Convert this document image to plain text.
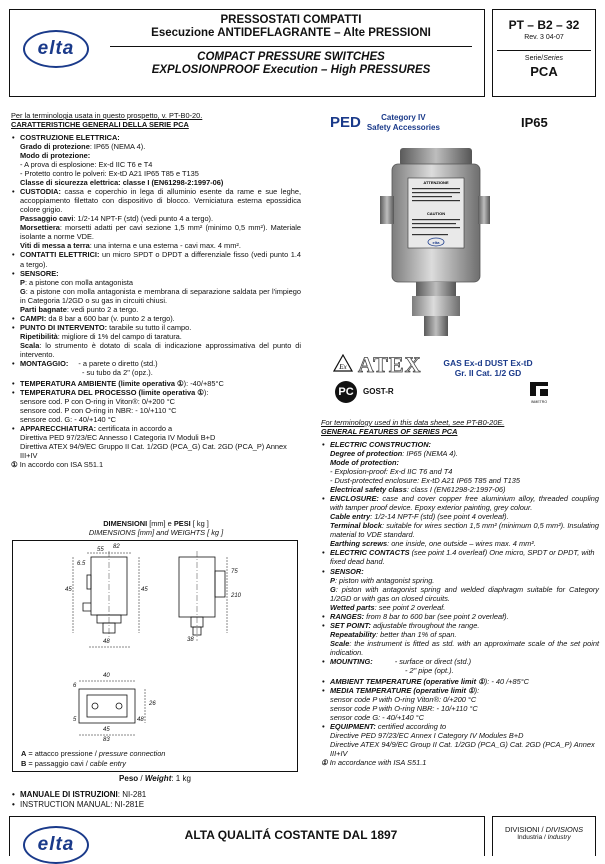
elta
PRESSOSTATI COMPATTI
Esecuzione ANTIDEFLAGRANTE – Alte PRESSIONI
COMPACT PRESSURE SWITCHES
EXPLOSIONPROOF Execution – High PRESSURES
PT – B2 – 32
Rev. 3 04-07
Serie/Series
PCA

Per la terminologia usata in questo prospetto, v. PT-B0-20.

CARATTERISTICHE GENERALI DELLA SERIE PCA

• COSTRUZIONE ELETTRICA:
Grado di protezione: IP65 (NEMA 4).
Modo di protezione:
- A prova di esplosione: Ex-d IIC T6 e T4
- Protetto contro le polveri: Ex-tD A21 IP65 T85 e T135
Classe di sicurezza elettrica: classe I (EN61298-2:1997-06)
• CUSTODIA: cassa e coperchio in lega di alluminio esente da rame e sue leghe, accoppiamento filettato con dispositivo di blocco. Verniciatura esterna epossidica colore grigio.
Passaggio cavi: 1/2-14 NPT-F (std) (vedi punto 4 a tergo).
Morsettiera: morsetti adatti per cavi sezione 1,5 mm² (minimo 0,5 mm²). Materiale isolante a norme VDE.
Viti di messa a terra: una interna e una esterna - cavi max. 4 mm².
• CONTATTI ELETTRICI: un micro SPDT o DPDT a differenziale fisso (vedi punto 1.4 a tergo).
• SENSORE:
P: a pistone con molla antagonista
G: a pistone con molla antagonista e membrana di separazione saldata per l'impiego in Categoria 1/2GD o su gas in circuiti chiusi.
Parti bagnate: vedi punto 2 a tergo.
• CAMPI: da 8 bar a 600 bar (v. punto 2 a tergo).
• PUNTO DI INTERVENTO: tarabile su tutto il campo.
Ripetibilità: migliore di 1% del campo di taratura.
Scala: lo strumento è dotato di scala di indicazione approssimativa del punto di intervento.
• MONTAGGIO: - a parete o diretto (std.)
- su tubo da 2" (opz.).
• TEMPERATURA AMBIENTE (limite operativa ①): -40/+85°C
• TEMPERATURA DEL PROCESSO (limite operativa ①):
sensore cod. P con O-ring in Viton®: 0/+200 °C
sensore cod. P con O-ring in NBR: - 10/+110 °C
sensore cod. G: - 40/+140 °C
• APPARECCHIATURA: certificata in accordo a
Direttiva PED 97/23/EC Annesso I Categoria IV Moduli B+D
Direttiva ATEX 94/9/EC Gruppo II Cat. 1/2GD (PCA_G) Cat. 2GD (PCA_P) Annex III+IV
① In accordo con ISA S51.1
DIMENSIONI [mm] e PESI [ kg ]
DIMENSIONS [mm] and WEIGHTS [ kg ]
55 82
6.5
45
48
45
75
210
38
40
6
26
45
5	48
83
A = attacco pressione / pressure connection
B = passaggio cavi / cable entry
Peso / Weight: 1 kg
• MANUALE DI ISTRUZIONI: NI-281
• INSTRUCTION MANUAL: NI-281E
PED	Category IV
Safety Accessories	IP65
ATTENZIONE
CAUTION
elta
Ex ATEX	GAS Ex-d DUST Ex-tD
Gr. II Cat. 1/2 GD
PC	GOST-R
INMETRO

For terminology used in this data sheet, see PT-B0-20E.

GENERAL FEATURES OF SERIES PCA

• ELECTRIC CONSTRUCTION:
Degree of protection: IP65 (NEMA 4).
Mode of protection:
- Explosion-proof: Ex-d IIC T6 and T4
- Dust-protected enclosure: Ex-tD A21 IP65 T85 and T135
Electrical safety class: class I (EN61298-2:1997-06)
• ENCLOSURE: case and cover copper free aluminium alloy, threaded coupling with tamper proof device. Epoxy exterior painting, grey colour.
Cable entry: 1/2-14 NPT-F (std) (see point 4 overleaf).
Terminal block: suitable for wires section 1,5 mm² (minimum 0,5 mm²). Insulating material to VDE standard.
Earthing screws: one inside, one outside – wires max. 4 mm².
• ELECTRIC CONTACTS (see point 1.4 overleaf) One micro, SPDT or DPDT, with fixed dead band.
• SENSOR:
P: piston with antagonist spring.
G: piston with antagonist spring and welded diaphragm suitable for Category 1/2GD or with gas on closed circuits.
Wetted parts: see point 2 overleaf.
• RANGES: from 8 bar to 600 bar (see point 2 overleaf).
• SET POINT: adjustable throughout the range.
Repeatability: better than 1% of span.
Scale: the instrument is fitted as std. with an approximate scale of the set point indication.
• MOUNTING:	- surface or direct (std.)
- 2" pipe (opt.).
• AMBIENT TEMPERATURE (operative limit ①): - 40 /+85°C
• MEDIA TEMPERATURE (operative limit ①):
sensor code P with O-ring Viton®: 0/+200 °C
sensor code P with O-ring NBR: - 10/+110 °C
sensor code G: - 40/+140 °C
• EQUIPMENT: certified according to
Directive PED 97/23/EC Annex I Category IV Modules B+D
Directive ATEX 94/9/EC Group II Cat. 1/2GD (PCA_G) Cat. 2GD (PCA_P) Annex III+IV
① In accordance with ISA S51.1
elta	ALTA QUALITÁ COSTANTE DAL 1897	DIVISIONI / DIVISIONS
Industria / Industry
